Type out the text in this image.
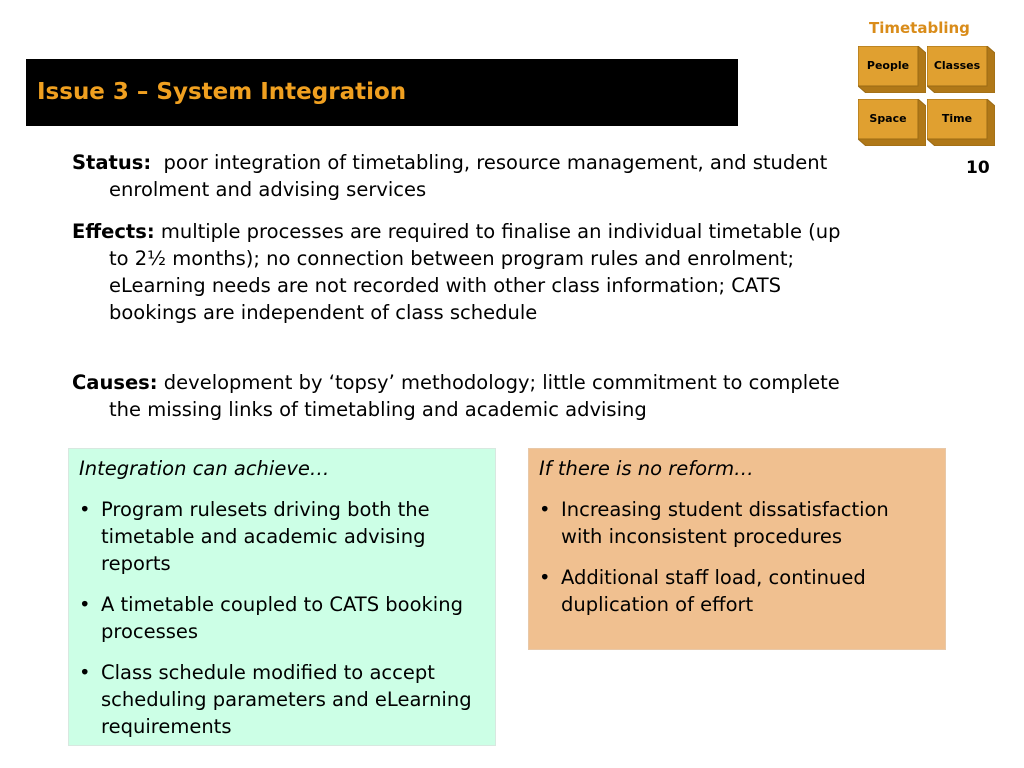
Issue 3 – System Integration
Timetabling
People	Classes
Space	Time
10
Status: poor integration of timetabling, resource management, and student enrolment and advising services
Effects: multiple processes are required to finalise an individual timetable (up to 2½ months); no connection between program rules and enrolment; eLearning needs are not recorded with other class information; CATS bookings are independent of class schedule
Causes: development by ‘topsy’ methodology; little commitment to complete the missing links of timetabling and academic advising
Integration can achieve…
• Program rulesets driving both the timetable and academic advising reports
• A timetable coupled to CATS booking processes
• Class schedule modified to accept scheduling parameters and eLearning requirements
If there is no reform…
• Increasing student dissatisfaction with inconsistent procedures
• Additional staff load, continued duplication of effort
